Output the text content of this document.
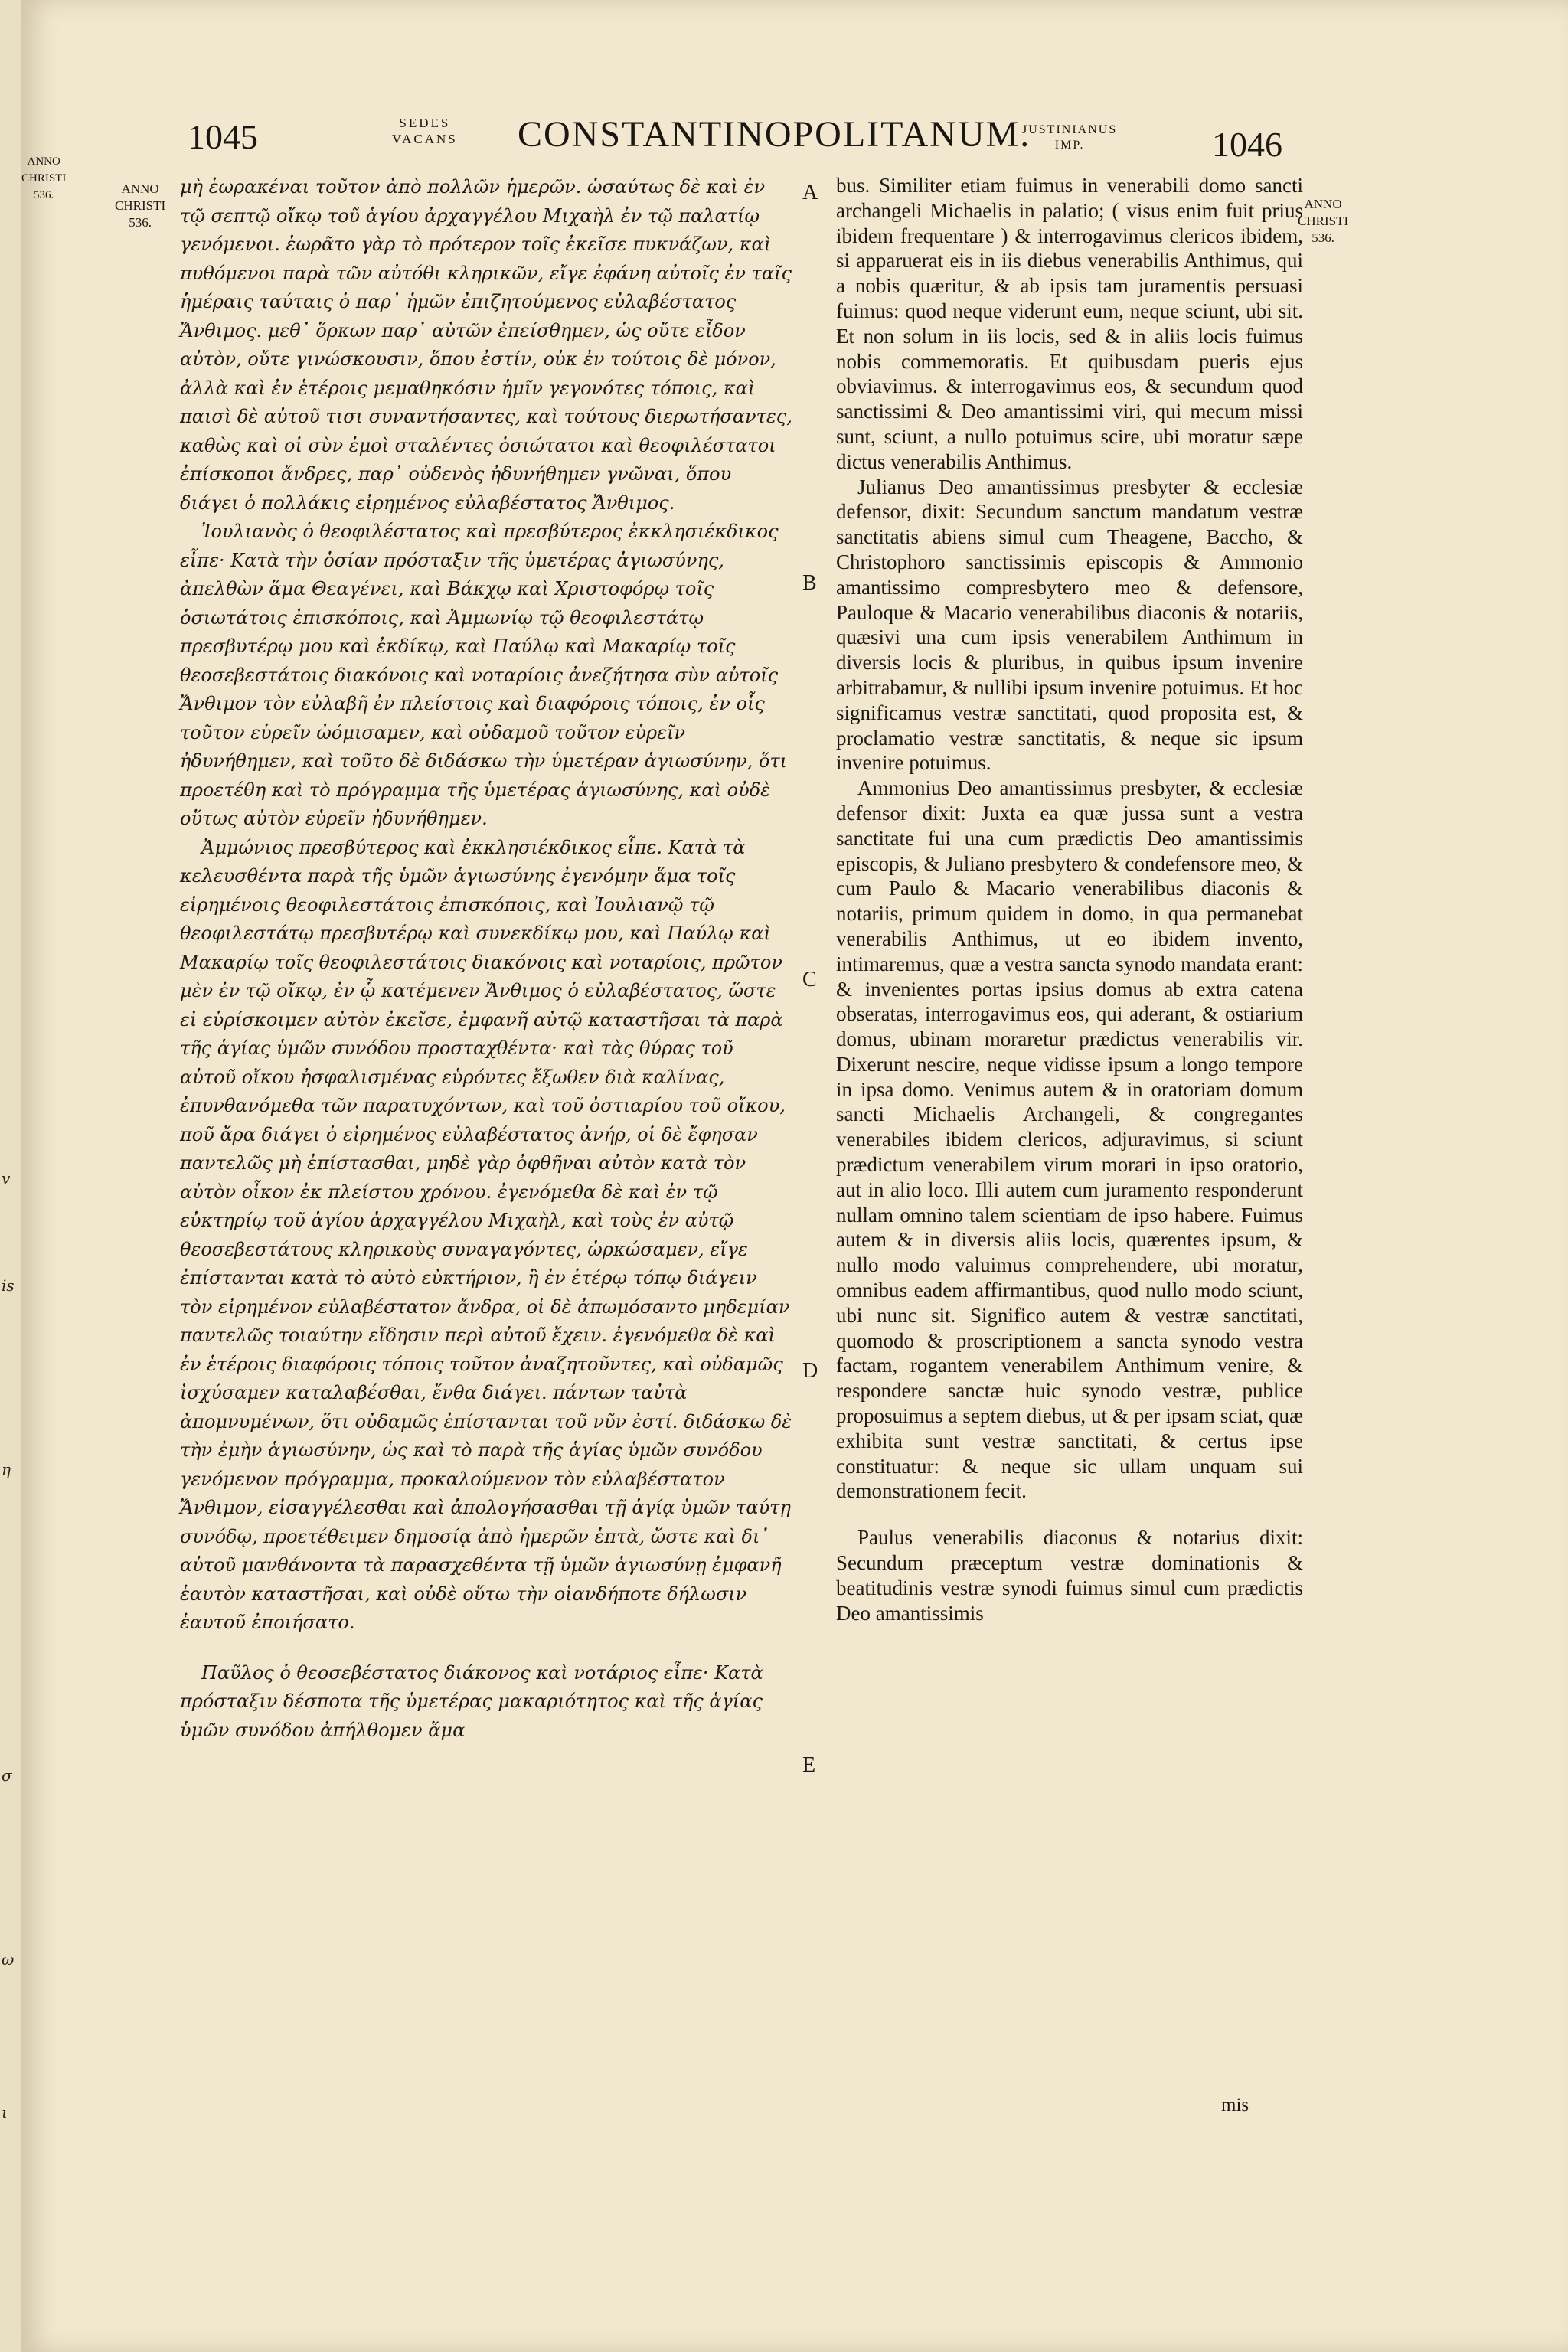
v
is
η
σ
ω
ι
ANNO
CHRISTI
536.
1045	SEDES
VACANS CONSTANTINOPOLITANUM.
JUSTINIANUS
IMP.	1046
ANNO
CHRISTI
536.
ANNO
CHRISTI
536.

μὴ ἑωρακέναι τοῦτον ἀπὸ πολλῶν ἡμερῶν. ὡσαύτως δὲ καὶ ἐν τῷ σεπτῷ οἴκῳ τοῦ ἁγίου ἀρχαγγέλου Μιχαὴλ ἐν τῷ παλατίῳ γενόμενοι. ἑωρᾶτο γὰρ τὸ πρότερον τοῖς ἐκεῖσε πυκνάζων, καὶ πυθόμενοι παρὰ τῶν αὐτόθι κληρικῶν, εἴγε ἐφάνη αὐτοῖς ἐν ταῖς ἡμέραις ταύταις ὁ παρ᾽ ἡμῶν ἐπιζητούμενος εὐλαβέστατος Ἄνθιμος. μεθ᾽ ὅρκων παρ᾽ αὐτῶν ἐπείσθημεν, ὡς οὔτε εἶδον αὐτὸν, οὔτε γινώσκουσιν, ὅπου ἐστίν, οὐκ ἐν τούτοις δὲ μόνον, ἀλλὰ καὶ ἐν ἑτέροις μεμαθηκόσιν ἡμῖν γεγονότες τόποις, καὶ παισὶ δὲ αὐτοῦ τισι συναντήσαντες, καὶ τούτους διερωτήσαντες, καθὼς καὶ οἱ σὺν ἐμοὶ σταλέντες ὁσιώτατοι καὶ θεοφιλέστατοι ἐπίσκοποι ἄνδρες, παρ᾽ οὐδενὸς ἠδυνήθημεν γνῶναι, ὅπου διάγει ὁ πολλάκις εἰρημένος εὐλαβέστατος Ἄνθιμος.

Ἰουλιανὸς ὁ θεοφιλέστατος καὶ πρεσβύτερος ἐκκλησιέκδικος εἶπε· Κατὰ τὴν ὁσίαν πρόσταξιν τῆς ὑμετέρας ἁγιωσύνης, ἀπελθὼν ἅμα Θεαγένει, καὶ Βάκχῳ καὶ Χριστοφόρῳ τοῖς ὁσιωτάτοις ἐπισκόποις, καὶ Ἀμμωνίῳ τῷ θεοφιλεστάτῳ πρεσβυτέρῳ μου καὶ ἐκδίκῳ, καὶ Παύλῳ καὶ Μακαρίῳ τοῖς θεοσεβεστάτοις διακόνοις καὶ νοταρίοις ἀνεζήτησα σὺν αὐτοῖς Ἄνθιμον τὸν εὐλαβῆ ἐν πλείστοις καὶ διαφόροις τόποις, ἐν οἷς τοῦτον εὑρεῖν ὠόμισαμεν, καὶ οὐδαμοῦ τοῦτον εὑρεῖν ἠδυνήθημεν, καὶ τοῦτο δὲ διδάσκω τὴν ὑμετέραν ἁγιωσύνην, ὅτι προετέθη καὶ τὸ πρόγραμμα τῆς ὑμετέρας ἁγιωσύνης, καὶ οὐδὲ οὕτως αὐτὸν εὑρεῖν ἠδυνήθημεν.

Ἀμμώνιος πρεσβύτερος καὶ ἐκκλησιέκδικος εἶπε. Κατὰ τὰ κελευσθέντα παρὰ τῆς ὑμῶν ἁγιωσύνης ἐγενόμην ἅμα τοῖς εἰρημένοις θεοφιλεστάτοις ἐπισκόποις, καὶ Ἰουλιανῷ τῷ θεοφιλεστάτῳ πρεσβυτέρῳ καὶ συνεκδίκῳ μου, καὶ Παύλῳ καὶ Μακαρίῳ τοῖς θεοφιλεστάτοις διακόνοις καὶ νοταρίοις, πρῶτον μὲν ἐν τῷ οἴκῳ, ἐν ᾧ κατέμενεν Ἄνθιμος ὁ εὐλαβέστατος, ὥστε εἰ εὑρίσκοιμεν αὐτὸν ἐκεῖσε, ἐμφανῆ αὐτῷ καταστῆσαι τὰ παρὰ τῆς ἁγίας ὑμῶν συνόδου προσταχθέντα· καὶ τὰς θύρας τοῦ αὐτοῦ οἴκου ἠσφαλισμένας εὑρόντες ἔξωθεν διὰ καλίνας, ἐπυνθανόμεθα τῶν παρατυχόντων, καὶ τοῦ ὀστιαρίου τοῦ οἴκου, ποῦ ἄρα διάγει ὁ εἰρημένος εὐλαβέστατος ἀνήρ, οἱ δὲ ἔφησαν παντελῶς μὴ ἐπίστασθαι, μηδὲ γὰρ ὀφθῆναι αὐτὸν κατὰ τὸν αὐτὸν οἶκον ἐκ πλείστου χρόνου. ἐγενόμεθα δὲ καὶ ἐν τῷ εὐκτηρίῳ τοῦ ἁγίου ἀρχαγγέλου Μιχαὴλ, καὶ τοὺς ἐν αὐτῷ θεοσεβεστάτους κληρικοὺς συναγαγόντες, ὡρκώσαμεν, εἴγε ἐπίστανται κατὰ τὸ αὐτὸ εὐκτήριον, ἢ ἐν ἑτέρῳ τόπῳ διάγειν τὸν εἰρημένον εὐλαβέστατον ἄνδρα, οἱ δὲ ἀπωμόσαντο μηδεμίαν παντελῶς τοιαύτην εἴδησιν περὶ αὐτοῦ ἔχειν. ἐγενόμεθα δὲ καὶ ἐν ἑτέροις διαφόροις τόποις τοῦτον ἀναζητοῦντες, καὶ οὐδαμῶς ἰσχύσαμεν καταλαβέσθαι, ἔνθα διάγει. πάντων ταὐτὰ ἀπομνυμένων, ὅτι οὐδαμῶς ἐπίστανται τοῦ νῦν ἐστί. διδάσκω δὲ τὴν ἐμὴν ἁγιωσύνην, ὡς καὶ τὸ παρὰ τῆς ἁγίας ὑμῶν συνόδου γενόμενον πρόγραμμα, προκαλούμενον τὸν εὐλαβέστατον Ἄνθιμον, εἰσαγγέλεσθαι καὶ ἀπολογήσασθαι τῇ ἁγίᾳ ὑμῶν ταύτῃ συνόδῳ, προετέθειμεν δημοσίᾳ ἀπὸ ἡμερῶν ἑπτὰ, ὥστε καὶ δι᾽ αὐτοῦ μανθάνοντα τὰ παρασχεθέντα τῇ ὑμῶν ἁγιωσύνῃ ἐμφανῆ ἑαυτὸν καταστῆσαι, καὶ οὐδὲ οὕτω τὴν οἱανδήποτε δήλωσιν ἑαυτοῦ ἐποιήσατο.

Παῦλος ὁ θεοσεβέστατος διάκονος καὶ νοτάριος εἶπε· Κατὰ πρόσταξιν δέσποτα τῆς ὑμετέρας μακαριότητος καὶ τῆς ἁγίας ὑμῶν συνόδου ἀπήλθομεν ἅμα

A
B
C
D
E

bus. Similiter etiam fuimus in venerabili domo sancti archangeli Michaelis in palatio; ( visus enim fuit prius ibidem frequentare ) & interrogavimus clericos ibidem, si apparuerat eis in iis diebus venerabilis Anthimus, qui a nobis quæritur, & ab ipsis tam juramentis persuasi fuimus: quod neque viderunt eum, neque sciunt, ubi sit. Et non solum in iis locis, sed & in aliis locis fuimus nobis commemoratis. Et quibusdam pueris ejus obviavimus. & interrogavimus eos, & secundum quod sanctissimi & Deo amantissimi viri, qui mecum missi sunt, sciunt, a nullo potuimus scire, ubi moratur sæpe dictus venerabilis Anthimus.

Julianus Deo amantissimus presbyter & ecclesiæ defensor, dixit: Secundum sanctum mandatum vestræ sanctitatis abiens simul cum Theagene, Baccho, & Christophoro sanctissimis episcopis & Ammonio amantissimo compresbytero meo & defensore, Pauloque & Macario venerabilibus diaconis & notariis, quæsivi una cum ipsis venerabilem Anthimum in diversis locis & pluribus, in quibus ipsum invenire arbitrabamur, & nullibi ipsum invenire potuimus. Et hoc significamus vestræ sanctitati, quod proposita est, & proclamatio vestræ sanctitatis, & neque sic ipsum invenire potuimus.

Ammonius Deo amantissimus presbyter, & ecclesiæ defensor dixit: Juxta ea quæ jussa sunt a vestra sanctitate fui una cum prædictis Deo amantissimis episcopis, & Juliano presbytero & condefensore meo, & cum Paulo & Macario venerabilibus diaconis & notariis, primum quidem in domo, in qua permanebat venerabilis Anthimus, ut eo ibidem invento, intimaremus, quæ a vestra sancta synodo mandata erant: & invenientes portas ipsius domus ab extra catena obseratas, interrogavimus eos, qui aderant, & ostiarium domus, ubinam moraretur prædictus venerabilis vir. Dixerunt nescire, neque vidisse ipsum a longo tempore in ipsa domo. Venimus autem & in oratoriam domum sancti Michaelis Archangeli, & congregantes venerabiles ibidem clericos, adjuravimus, si sciunt prædictum venerabilem virum morari in ipso oratorio, aut in alio loco. Illi autem cum juramento responderunt nullam omnino talem scientiam de ipso habere. Fuimus autem & in diversis aliis locis, quærentes ipsum, & nullo modo valuimus comprehendere, ubi moratur, omnibus eadem affirmantibus, quod nullo modo sciunt, ubi nunc sit. Significo autem & vestræ sanctitati, quomodo & proscriptionem a sancta synodo vestra factam, rogantem venerabilem Anthimum venire, & respondere sanctæ huic synodo vestræ, publice proposuimus a septem diebus, ut & per ipsam sciat, quæ exhibita sunt vestræ sanctitati, & certus ipse constituatur: & neque sic ullam unquam sui demonstrationem fecit.

Paulus venerabilis diaconus & notarius dixit: Secundum præceptum vestræ dominationis & beatitudinis vestræ synodi fuimus simul cum prædictis Deo amantissimis

mis
